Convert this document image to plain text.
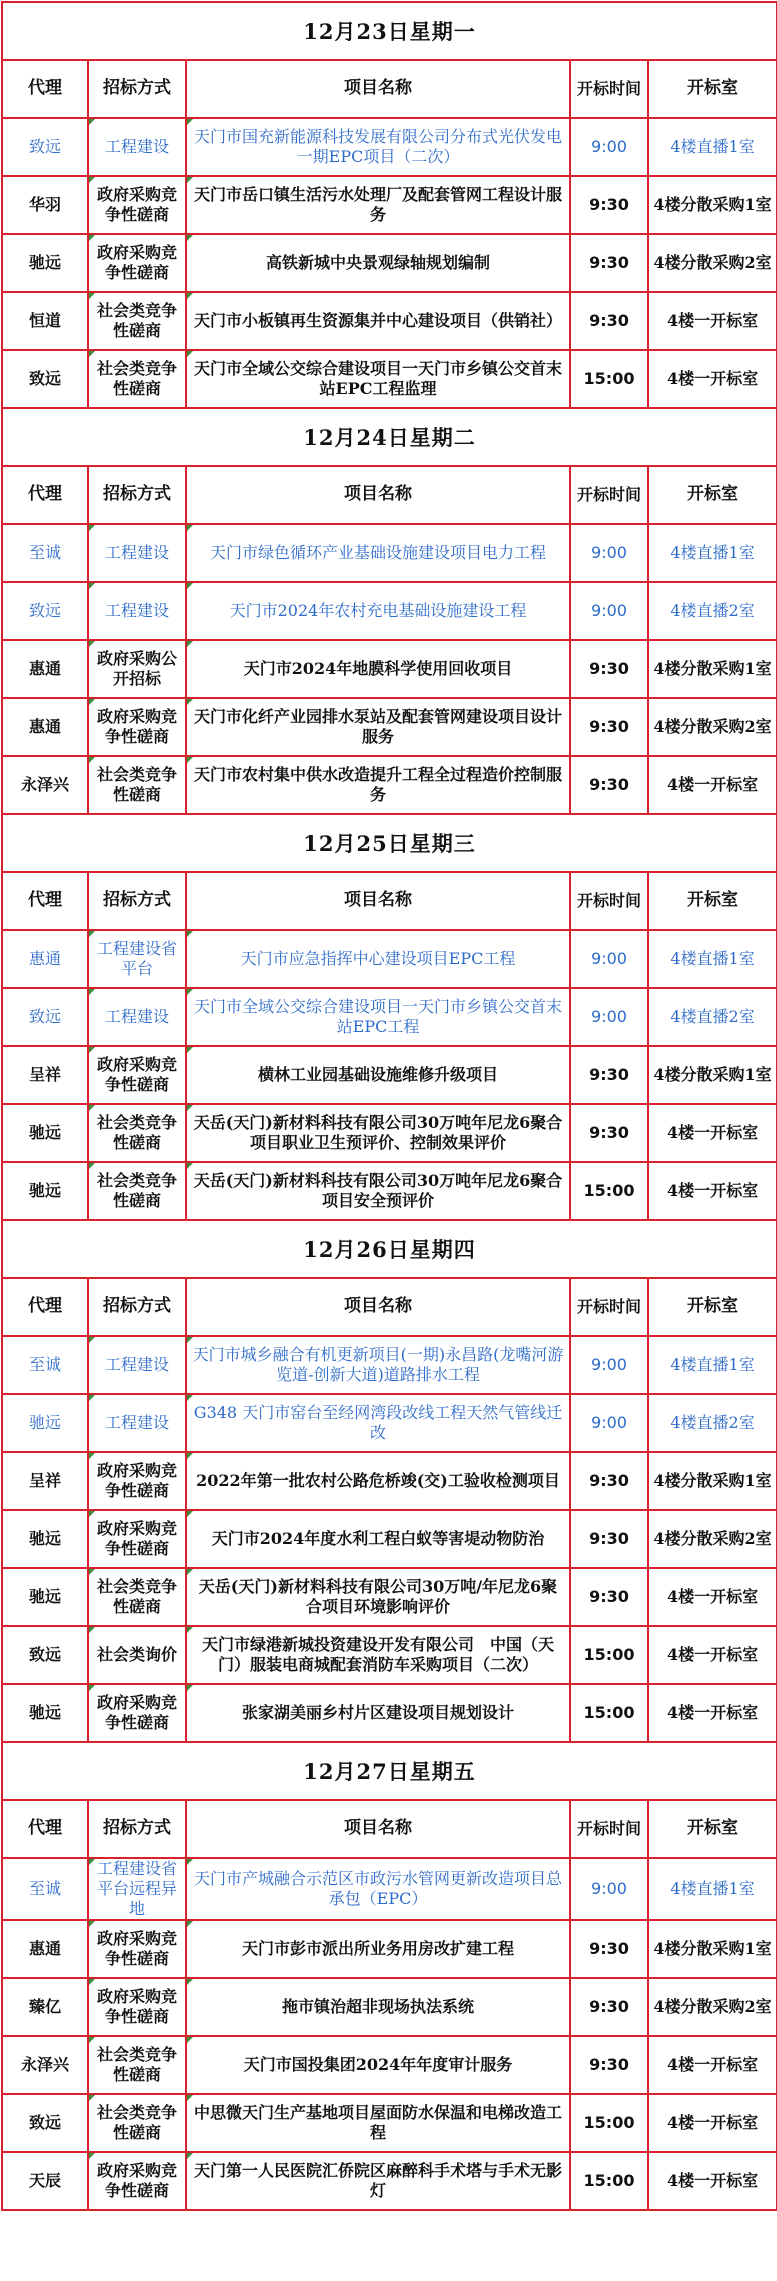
12月23日星期一				
代理	招标方式	项目名称	开标时间	开标室
致远	工程建设	天门市国充新能源科技发展有限公司分布式光伏发电一期EPC项目（二次）	9:00	4楼直播1室
华羽	政府采购竞争性磋商	天门市岳口镇生活污水处理厂及配套管网工程设计服务	9:30	4楼分散采购1室
驰远	政府采购竞争性磋商	高铁新城中央景观绿轴规划编制	9:30	4楼分散采购2室
恒道	社会类竞争性磋商	天门市小板镇再生资源集并中心建设项目（供销社）	9:30	4楼一开标室
致远	社会类竞争性磋商	天门市全域公交综合建设项目一天门市乡镇公交首末站EPC工程监理	15:00	4楼一开标室
12月24日星期二				
代理	招标方式	项目名称	开标时间	开标室
至诚	工程建设	天门市绿色循环产业基础设施建设项目电力工程	9:00	4楼直播1室
致远	工程建设	天门市2024年农村充电基础设施建设工程	9:00	4楼直播2室
惠通	政府采购公开招标	天门市2024年地膜科学使用回收项目	9:30	4楼分散采购1室
惠通	政府采购竞争性磋商	天门市化纤产业园排水泵站及配套管网建设项目设计服务	9:30	4楼分散采购2室
永泽兴	社会类竞争性磋商	天门市农村集中供水改造提升工程全过程造价控制服务	9:30	4楼一开标室
12月25日星期三				
代理	招标方式	项目名称	开标时间	开标室
惠通	工程建设省平台	天门市应急指挥中心建设项目EPC工程	9:00	4楼直播1室
致远	工程建设	天门市全域公交综合建设项目一天门市乡镇公交首末站EPC工程	9:00	4楼直播2室
呈祥	政府采购竞争性磋商	横林工业园基础设施维修升级项目	9:30	4楼分散采购1室
驰远	社会类竞争性磋商	天岳(天门)新材料科技有限公司30万吨年尼龙6聚合项目职业卫生预评价、控制效果评价	9:30	4楼一开标室
驰远	社会类竞争性磋商	天岳(天门)新材料科技有限公司30万吨年尼龙6聚合项目安全预评价	15:00	4楼一开标室
12月26日星期四				
代理	招标方式	项目名称	开标时间	开标室
至诚	工程建设	天门市城乡融合有机更新项目(一期)永昌路(龙嘴河游览道-创新大道)道路排水工程	9:00	4楼直播1室
驰远	工程建设	G348 天门市窑台至经网湾段改线工程天然气管线迁改	9:00	4楼直播2室
呈祥	政府采购竞争性磋商	2022年第一批农村公路危桥竣(交)工验收检测项目	9:30	4楼分散采购1室
驰远	政府采购竞争性磋商	天门市2024年度水利工程白蚁等害堤动物防治	9:30	4楼分散采购2室
驰远	社会类竞争性磋商	天岳(天门)新材料科技有限公司30万吨/年尼龙6聚合项目环境影响评价	9:30	4楼一开标室
致远	社会类询价	天门市绿港新城投资建设开发有限公司　中国（天门）服装电商城配套消防车采购项目（二次）	15:00	4楼一开标室
驰远	政府采购竞争性磋商	张家湖美丽乡村片区建设项目规划设计	15:00	4楼一开标室
12月27日星期五				
代理	招标方式	项目名称	开标时间	开标室
至诚	工程建设省平台远程异地	天门市产城融合示范区市政污水管网更新改造项目总承包（EPC）	9:00	4楼直播1室
惠通	政府采购竞争性磋商	天门市彭市派出所业务用房改扩建工程	9:30	4楼分散采购1室
臻亿	政府采购竞争性磋商	拖市镇治超非现场执法系统	9:30	4楼分散采购2室
永泽兴	社会类竞争性磋商	天门市国投集团2024年年度审计服务	9:30	4楼一开标室
致远	社会类竞争性磋商	中思微天门生产基地项目屋面防水保温和电梯改造工程	15:00	4楼一开标室
天辰	政府采购竞争性磋商	天门第一人民医院汇侨院区麻醉科手术塔与手术无影灯	15:00	4楼一开标室
